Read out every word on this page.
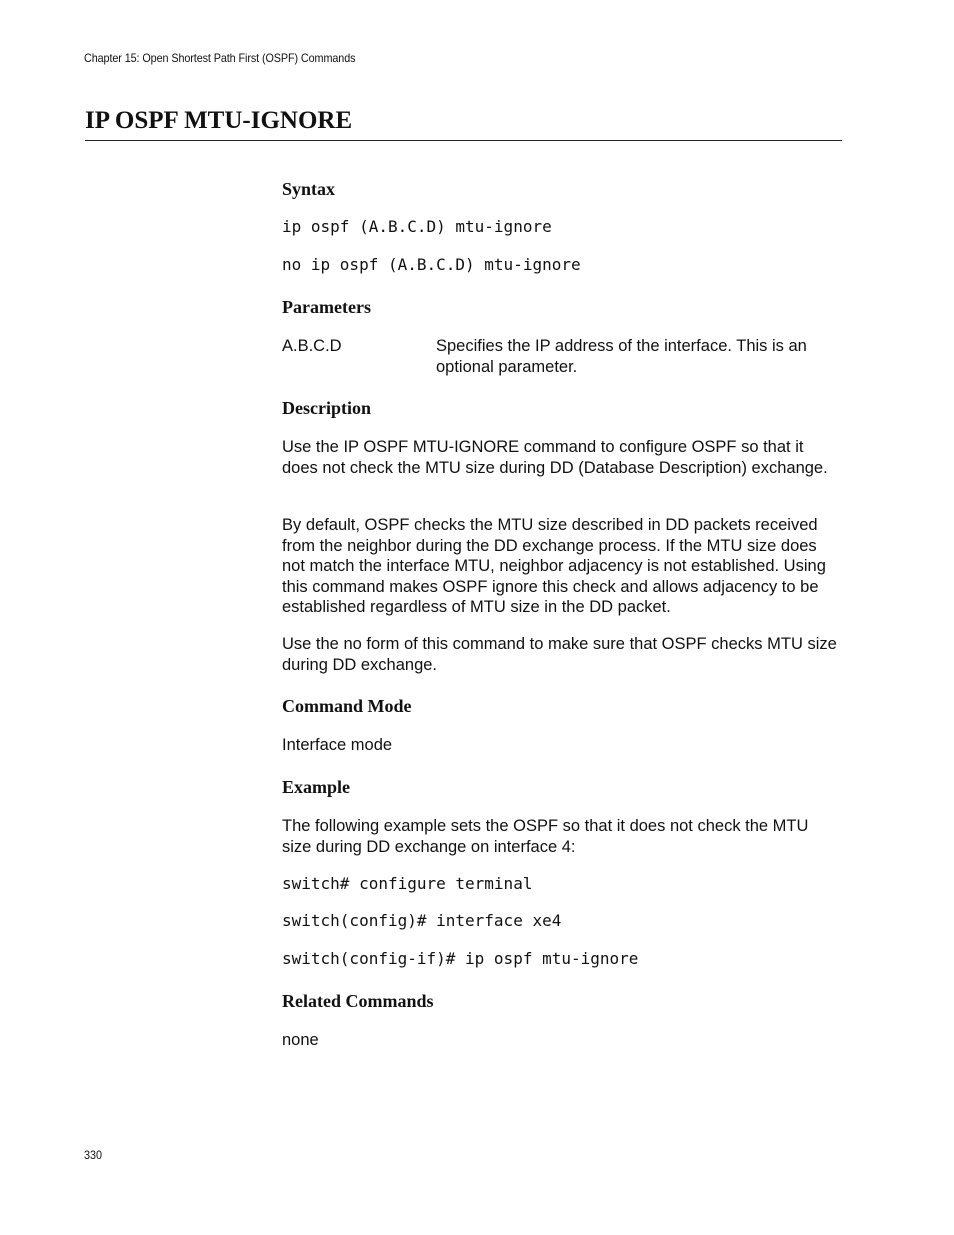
Chapter 15: Open Shortest Path First (OSPF) Commands
IP OSPF MTU-IGNORE
Syntax
ip ospf (A.B.C.D) mtu-ignore
no ip ospf (A.B.C.D) mtu-ignore
Parameters
A.B.C.D	Specifies the IP address of the interface. This is an optional parameter.

Description

Use the IP OSPF MTU-IGNORE command to configure OSPF so that it does not check the MTU size during DD (Database Description) exchange.

By default, OSPF checks the MTU size described in DD packets received from the neighbor during the DD exchange process. If the MTU size does not match the interface MTU, neighbor adjacency is not established. Using this command makes OSPF ignore this check and allows adjacency to be established regardless of MTU size in the DD packet.

Use the no form of this command to make sure that OSPF checks MTU size during DD exchange.

Command Mode

Interface mode

Example

The following example sets the OSPF so that it does not check the MTU size during DD exchange on interface 4:

switch# configure terminal
switch(config)# interface xe4
switch(config-if)# ip ospf mtu-ignore
Related Commands

none

330
